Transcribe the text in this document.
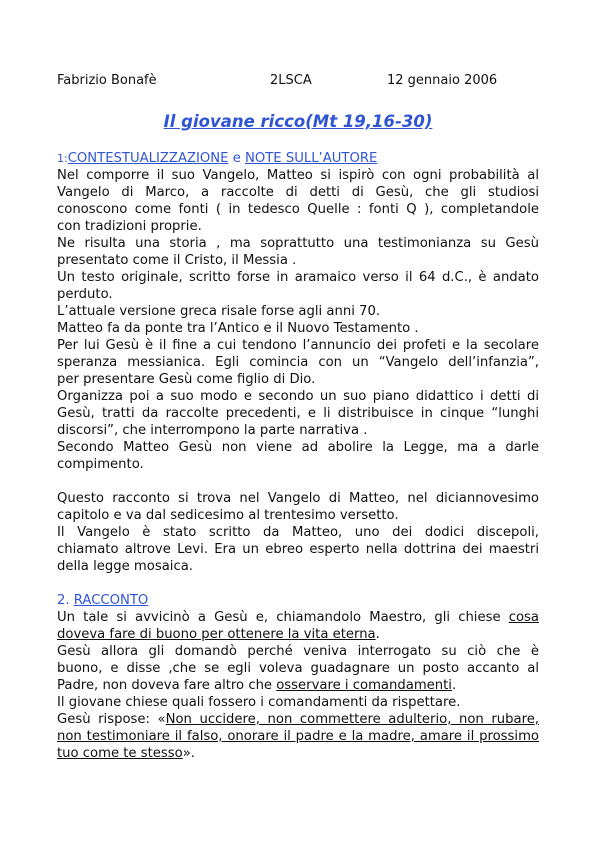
Fabrizio Bonafè	2LSCA	12 gennaio 2006
Il giovane ricco(Mt 19,16-30)
1:CONTESTUALIZZAZIONE e NOTE SULL’AUTORE
Nel comporre il suo Vangelo, Matteo si ispirò con ogni probabilità al
Vangelo di Marco, a raccolte di detti di Gesù, che gli studiosi
conoscono come fonti ( in tedesco Quelle : fonti Q ), completandole
con tradizioni proprie.
Ne risulta una storia , ma soprattutto una testimonianza su Gesù
presentato come il Cristo, il Messia .
Un testo originale, scritto forse in aramaico verso il 64 d.C., è andato
perduto.
L’attuale versione greca risale forse agli anni 70.
Matteo fa da ponte tra l’Antico e il Nuovo Testamento .
Per lui Gesù è il fine a cui tendono l’annuncio dei profeti e la secolare
speranza messianica. Egli comincia con un “Vangelo dell’infanzia”,
per presentare Gesù come figlio di Dio.
Organizza poi a suo modo e secondo un suo piano didattico i detti di
Gesù, tratti da raccolte precedenti, e li distribuisce in cinque “lunghi
discorsi”, che interrompono la parte narrativa .
Secondo Matteo Gesù non viene ad abolire la Legge, ma a darle
compimento.
Questo racconto si trova nel Vangelo di Matteo, nel diciannovesimo
capitolo e va dal sedicesimo al trentesimo versetto.
Il Vangelo è stato scritto da Matteo, uno dei dodici discepoli,
chiamato altrove Levi. Era un ebreo esperto nella dottrina dei maestri
della legge mosaica.
2. RACCONTO
Un tale si avvicinò a Gesù e, chiamandolo Maestro, gli chiese cosa
doveva fare di buono per ottenere la vita eterna.
Gesù allora gli domandò perché veniva interrogato su ciò che è
buono, e disse ,che se egli voleva guadagnare un posto accanto al
Padre, non doveva fare altro che osservare i comandamenti.
Il giovane chiese quali fossero i comandamenti da rispettare.
Gesù rispose: «Non uccidere, non commettere adulterio, non rubare,
non testimoniare il falso, onorare il padre e la madre, amare il prossimo
tuo come te stesso».
